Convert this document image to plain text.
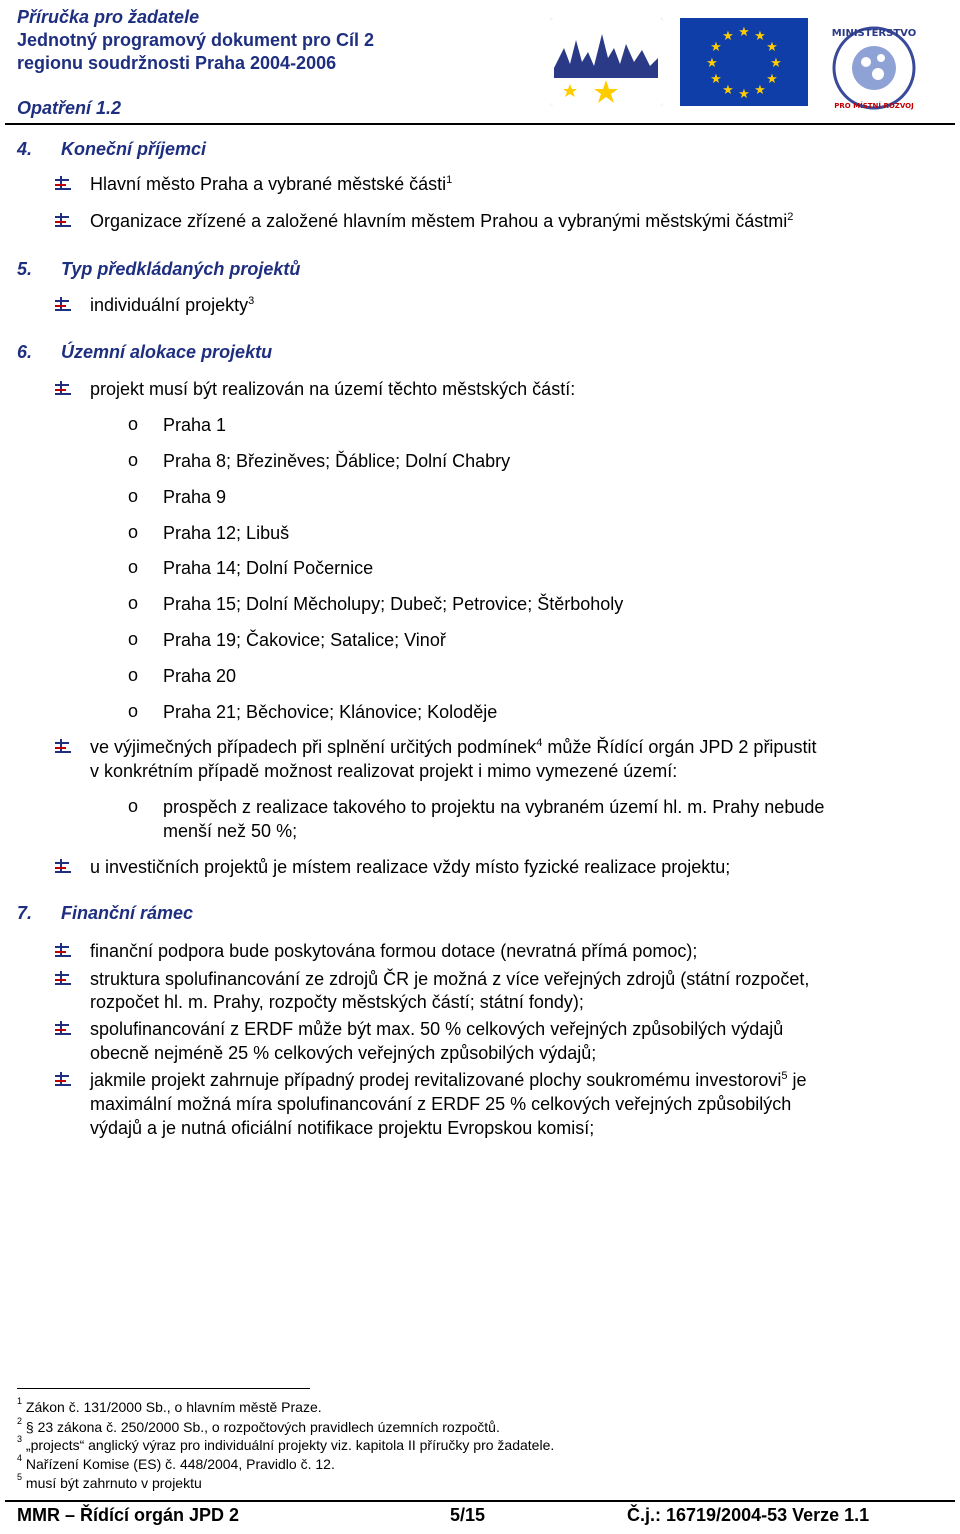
Příručka pro žadatele
Jednotný programový dokument pro Cíl 2
regionu soudržnosti Praha 2004-2006
Opatření 1.2
★ ★
★
★
★
★
★
★
★
★
★
★	MINISTERSTVO
PRO MÍSTNÍ ROZVOJ
4. Koneční příjemci
Hlavní město Praha a vybrané městské části$^1$
Organizace zřízené a založené hlavním městem Prahou a vybranými městskými částmi$^2$
5. Typ předkládaných projektů
individuální projekty$^3$
6. Územní alokace projektu
projekt musí být realizován na území těchto městských částí:
o Praha 1
o Praha 8; Březiněves; Ďáblice; Dolní Chabry
o Praha 9
o Praha 12; Libuš
o Praha 14; Dolní Počernice
o Praha 15; Dolní Měcholupy; Dubeč; Petrovice; Štěrboholy
o Praha 19; Čakovice; Satalice; Vinoř
o Praha 20
o Praha 21; Běchovice; Klánovice; Koloděje
ve výjimečných případech při splnění určitých podmínek$^4$ může Řídící orgán JPD 2 připustit
v konkrétním případě možnost realizovat projekt i mimo vymezené území:
o prospěch z realizace takového to projektu na vybraném území hl. m. Prahy nebude
menší než 50 %;
u investičních projektů je místem realizace vždy místo fyzické realizace projektu;
7. Finanční rámec
finanční podpora bude poskytována formou dotace (nevratná přímá pomoc);
struktura spolufinancování ze zdrojů ČR je možná z více veřejných zdrojů (státní rozpočet,
rozpočet hl. m. Prahy, rozpočty městských částí; státní fondy);
spolufinancování z ERDF může být max. 50 % celkových veřejných způsobilých výdajů
obecně nejméně 25 % celkových veřejných způsobilých výdajů;
jakmile projekt zahrnuje případný prodej revitalizované plochy soukromému investorovi$^5$ je
maximální možná míra spolufinancování z ERDF 25 % celkových veřejných způsobilých
výdajů a je nutná oficiální notifikace projektu Evropskou komisí;
$^1$ Zákon č. 131/2000 Sb., o hlavním městě Praze.
$^2$ § 23 zákona č. 250/2000 Sb., o rozpočtových pravidlech územních rozpočtů.
$^3$ „projects“ anglický výraz pro individuální projekty viz. kapitola II příručky pro žadatele.
$^4$ Nařízení Komise (ES) č. 448/2004, Pravidlo č. 12.
$^5$ musí být zahrnuto v projektu
MMR – Řídící orgán JPD 2	5/15	Č.j.: 16719/2004-53 Verze 1.1
